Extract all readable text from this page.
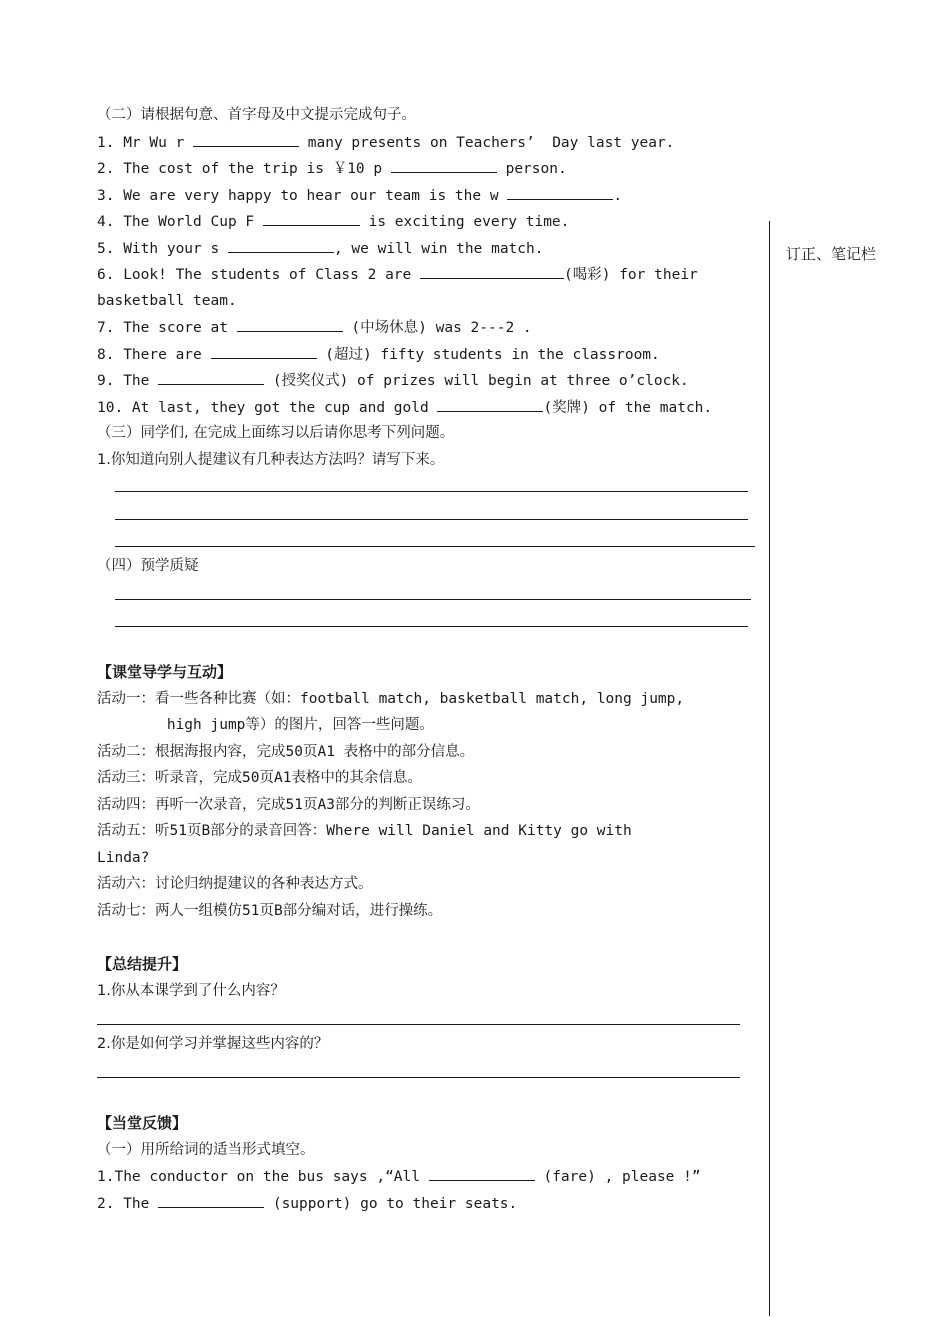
订正、笔记栏
（二）请根据句意、首字母及中文提示完成句子。
1. Mr Wu r	many presents on Teachers’  Day last year.
2. The cost of the trip is ￥10 p	person.
3. We are very happy to hear our team is the w	.
4. The World Cup F	is exciting every time.
5. With your s	, we will win the match.
6. Look! The students of Class 2 are	(喝彩) for their
basketball team.
7. The score at	(中场休息) was 2---2 .
8. There are	(超过) fifty students in the classroom.
9. The	(授奖仪式) of prizes will begin at three o’clock.
10. At last, they got the cup and gold	(奖牌) of the match.
（三）同学们, 在完成上面练习以后请你思考下列问题。
1.你知道向别人提建议有几种表达方法吗？请写下来。
（四）预学质疑
【课堂导学与互动】
活动一：看一些各种比赛（如：football match, basketball match, long jump,
high jump等）的图片，回答一些问题。
活动二：根据海报内容，完成50页A1 表格中的部分信息。
活动三：听录音，完成50页A1表格中的其余信息。
活动四：再听一次录音，完成51页A3部分的判断正误练习。
活动五：听51页B部分的录音回答：Where will Daniel and Kitty go with
Linda?
活动六：讨论归纳提建议的各种表达方式。
活动七：两人一组模仿51页B部分编对话，进行操练。
【总结提升】
1.你从本课学到了什么内容？
2.你是如何学习并掌握这些内容的？
【当堂反馈】
（一）用所给词的适当形式填空。
1.The conductor on the bus says ,“All	(fare) , please !”
2. The	(support) go to their seats.
